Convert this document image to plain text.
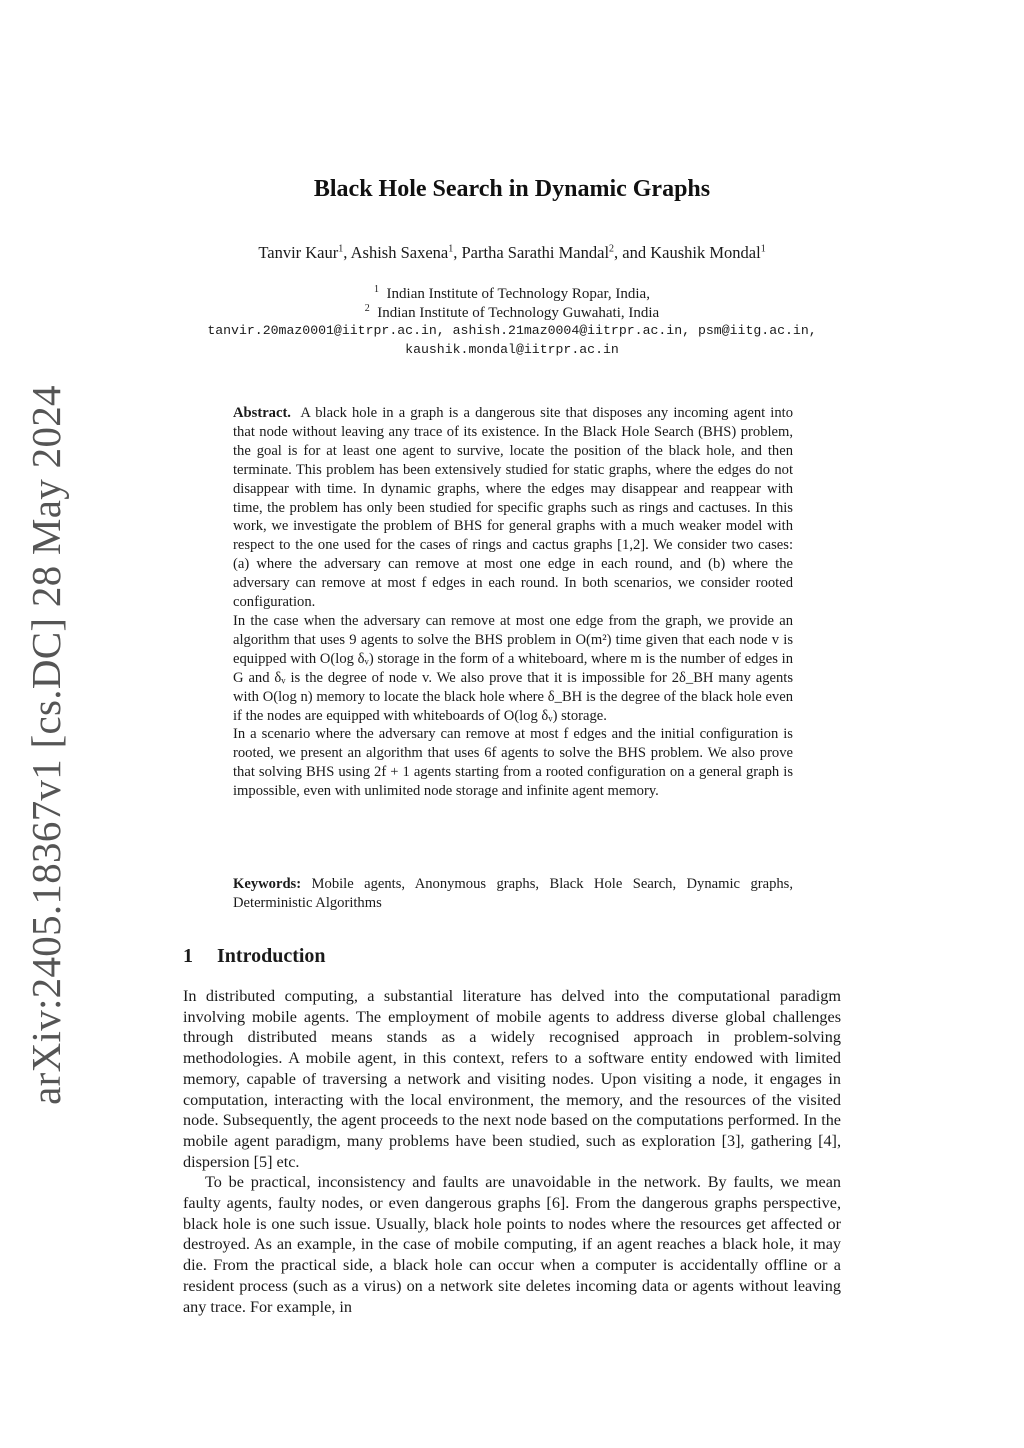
arXiv:2405.18367v1 [cs.DC] 28 May 2024
Black Hole Search in Dynamic Graphs
Tanvir Kaur$^1$, Ashish Saxena$^1$, Partha Sarathi Mandal$^2$, and Kaushik Mondal$^1$
$^1$ Indian Institute of Technology Ropar, India,
$^2$ Indian Institute of Technology Guwahati, India
tanvir.20maz0001@iitrpr.ac.in, ashish.21maz0004@iitrpr.ac.in, psm@iitg.ac.in,
kaushik.mondal@iitrpr.ac.in

Abstract. A black hole in a graph is a dangerous site that disposes any incoming agent into that node without leaving any trace of its existence. In the Black Hole Search (BHS) problem, the goal is for at least one agent to survive, locate the position of the black hole, and then terminate. This problem has been extensively studied for static graphs, where the edges do not disappear with time. In dynamic graphs, where the edges may disappear and reappear with time, the problem has only been studied for specific graphs such as rings and cactuses. In this work, we investigate the problem of BHS for general graphs with a much weaker model with respect to the one used for the cases of rings and cactus graphs [1,2]. We consider two cases: (a) where the adversary can remove at most one edge in each round, and (b) where the adversary can remove at most f edges in each round. In both scenarios, we consider rooted configuration.

In the case when the adversary can remove at most one edge from the graph, we provide an algorithm that uses 9 agents to solve the BHS problem in O(m²) time given that each node v is equipped with O(log δᵥ) storage in the form of a whiteboard, where m is the number of edges in G and δᵥ is the degree of node v. We also prove that it is impossible for 2δ_BH many agents with O(log n) memory to locate the black hole where δ_BH is the degree of the black hole even if the nodes are equipped with whiteboards of O(log δᵥ) storage.

In a scenario where the adversary can remove at most f edges and the initial configuration is rooted, we present an algorithm that uses 6f agents to solve the BHS problem. We also prove that solving BHS using 2f + 1 agents starting from a rooted configuration on a general graph is impossible, even with unlimited node storage and infinite agent memory.

Keywords: Mobile agents, Anonymous graphs, Black Hole Search, Dynamic graphs, Deterministic Algorithms
1 Introduction

In distributed computing, a substantial literature has delved into the computational paradigm involving mobile agents. The employment of mobile agents to address diverse global challenges through distributed means stands as a widely recognised approach in problem-solving methodologies. A mobile agent, in this context, refers to a software entity endowed with limited memory, capable of traversing a network and visiting nodes. Upon visiting a node, it engages in computation, interacting with the local environment, the memory, and the resources of the visited node. Subsequently, the agent proceeds to the next node based on the computations performed. In the mobile agent paradigm, many problems have been studied, such as exploration [3], gathering [4], dispersion [5] etc.

To be practical, inconsistency and faults are unavoidable in the network. By faults, we mean faulty agents, faulty nodes, or even dangerous graphs [6]. From the dangerous graphs perspective, black hole is one such issue. Usually, black hole points to nodes where the resources get affected or destroyed. As an example, in the case of mobile computing, if an agent reaches a black hole, it may die. From the practical side, a black hole can occur when a computer is accidentally offline or a resident process (such as a virus) on a network site deletes incoming data or agents without leaving any trace. For example, in
